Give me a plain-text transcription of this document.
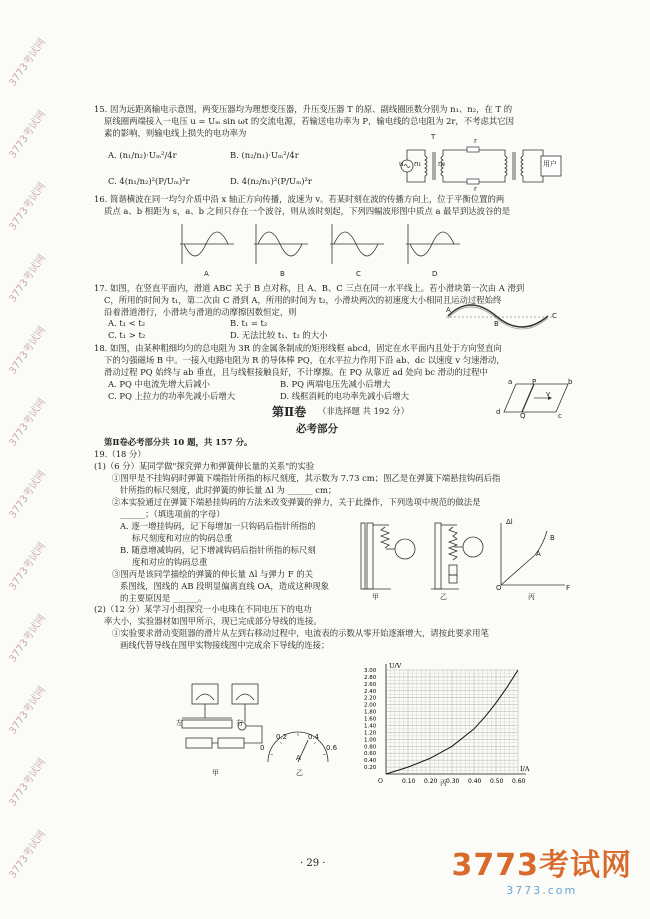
3773考试网
3773考试网
3773考试网
3773考试网
3773考试网
3773考试网
3773考试网
3773考试网
3773考试网
3773考试网
3773考试网
3773考试网
15. 因为远距离输电示意图，两变压器均为理想变压器，升压变压器 T 的原、副线圈匝数分别为 n₁、n₂，在 T 的
原线圈两端接入一电压 u = Uₘ sin ωt 的交流电源，若输送电功率为 P，输电线的总电阻为 2r，不考虑其它因
素的影响，则输电线上损失的电功率为
A. (n₁/n₂)·Uₘ²/4r	B. (n₂/n₁)·Uₘ²/4r
C. 4(n₁/n₂)²(P/Uₘ)²r	D. 4(n₂/n₁)²(P/Uₘ)²r
u n₁ n₂
T	r
r
用户
16. 简谐横波在同一均匀介质中沿 x 轴正方向传播，波速为 v。若某时刻在波的传播方向上，位于平衡位置的两
质点 a、b 相距为 s，a、b 之间只存在一个波谷，则从该时刻起，下列四幅波形图中质点 a 最早到达波谷的是
A	B	C	D
17. 如图，在竖直平面内，滑道 ABC 关于 B 点对称，且 A、B、C 三点在同一水平线上。若小滑块第一次由 A 滑到
C，所用的时间为 t₁，第二次由 C 滑到 A，所用的时间为 t₂，小滑块两次的初速度大小相同且运动过程始终
沿着滑道滑行，小滑块与滑道的动摩擦因数恒定，则
A. t₁ < t₂	B. t₁ = t₂
C. t₁ > t₂	D. 无法比较 t₁、t₂ 的大小
A
B
C
18. 如图，由某种粗细均匀的总电阻为 3R 的金属条制成的矩形线框 abcd，固定在水平面内且处于方向竖直向
下的匀强磁场 B 中。一接入电路电阻为 R 的导体棒 PQ，在水平拉力作用下沿 ab、dc 以速度 v 匀速滑动，
滑动过程 PQ 始终与 ab 垂直，且与线框接触良好，不计摩擦。在 PQ 从靠近 ad 处向 bc 滑动的过程中
A. PQ 中电流先增大后减小	B. PQ 两端电压先减小后增大
C. PQ 上拉力的功率先减小后增大	D. 线框消耗的电功率先减小后增大
a	P	b
v
d	Q	c
第Ⅱ卷 （非选择题 共 192 分）
必考部分
第Ⅱ卷必考部分共 10 题，共 157 分。
19.（18 分）
(1)（6 分）某同学做"探究弹力和弹簧伸长量的关系"的实验
①图甲是不挂钩码时弹簧下端指针所指的标尺刻度，其示数为 7.73 cm；图乙是在弹簧下端悬挂钩码后指
针所指的标尺刻度，此时弹簧的伸长量 Δl 为 ______ cm；
②本实验通过在弹簧下端悬挂钩码的方法来改变弹簧的弹力，关于此操作，下列选项中规范的做法是
______；（填选项前的字母）
A. 逐一增挂钩码，记下每增加一只钩码后指针所指的
标尺刻度和对应的钩码总重
B. 随意增减钩码，记下增减钩码后指针所指的标尺刻
度和对应的钩码总重
③图丙是该同学描绘的弹簧的伸长量 Δl 与弹力 F 的关
系图线，图线的 AB 段明显偏离直线 OA，造成这种现象
的主要原因是 ______。	甲	乙	丙
Δl
F
O
A
B
(2)（12 分）某学习小组探究一小电珠在不同电压下的电功
率大小，实验器材如图甲所示，现已完成部分导线的连接。
①实验要求滑动变阻器的滑片从左到右移动过程中，电流表的示数从零开始逐渐增大，请按此要求用笔
画线代替导线在图甲实物接线图中完成余下导线的连接；
左	右
甲
0
0.2	0.4
0.6
A
乙
0.10 0.20 0.30 0.40 0.50 0.60
0.20
0.40
0.60
0.80
1.00
1.20
1.40
1.60
1.80
2.00
2.20
2.40
2.60
2.80
3.00
O
I/A
U/V
丙
· 29 ·	3773考试网
3773.com
